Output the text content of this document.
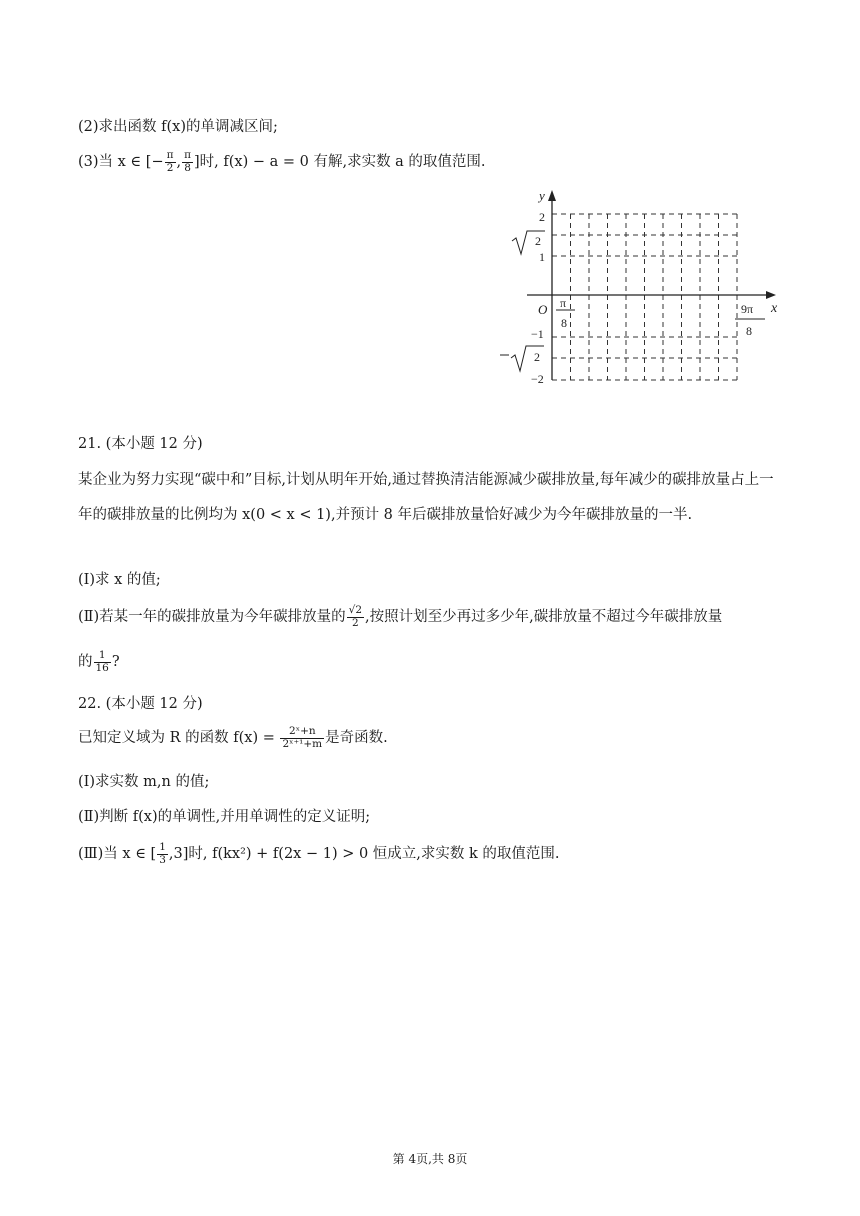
(2)求出函数 f(x)的单调减区间;
(3)当 x ∈ [− $\frac{\pi}{2}$ , $\frac{\pi}{8}$ ]时, f(x) − a = 0 有解,求实数 a 的取值范围.
y
x
O
2
2
1
−1
2
−2
π
8
9π
8
21. (本小题 12 分)
某企业为努力实现“碳中和”目标,计划从明年开始,通过替换清洁能源减少碳排放量,每年减少的碳排放量占上一年的碳排放量的比例均为 x(0 < x < 1),并预计 8 年后碳排放量恰好减少为今年碳排放量的一半.
(Ⅰ)求 x 的值;
(Ⅱ)若某一年的碳排放量为今年碳排放量的 $\frac{√2}{2}$ ,按照计划至少再过多少年,碳排放量不超过今年碳排放量
的 $\frac{1}{16}$ ?
22. (本小题 12 分)
已知定义域为 R 的函数 $f(x) = \frac{\text{2ˣ+n}}{\text{2ˣ⁺¹+m}}$ 是奇函数.
(Ⅰ)求实数 m,n 的值;
(Ⅱ)判断 f(x)的单调性,并用单调性的定义证明;
(Ⅲ)当 x ∈ [ $\frac{1}{3} ,3$]时, f(kx²) + f(2x − 1) > 0 恒成立,求实数 k 的取值范围.
第 4页,共 8页
